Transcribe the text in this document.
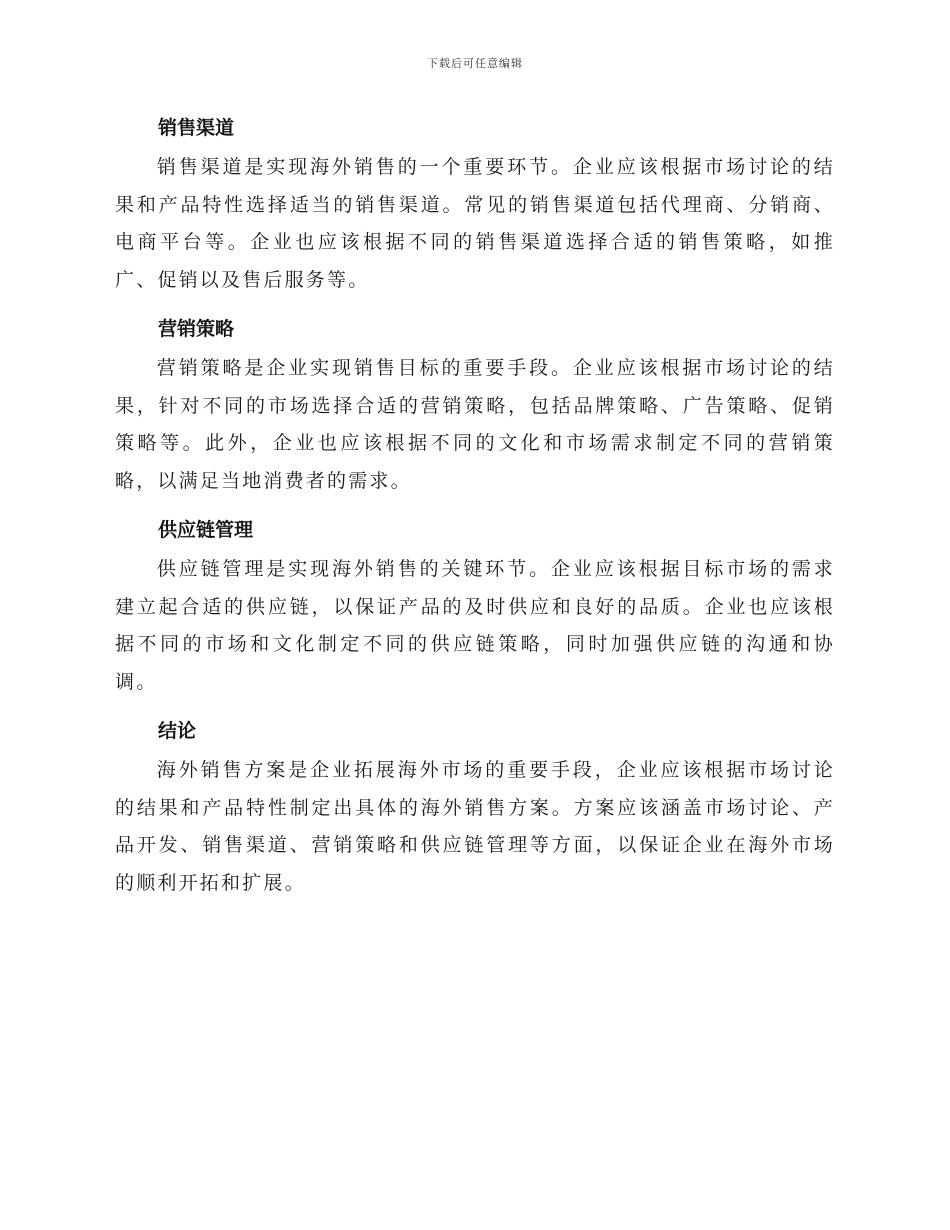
下载后可任意编辑
销售渠道

销售渠道是实现海外销售的一个重要环节。企业应该根据市场讨论的结果和产品特性选择适当的销售渠道。常见的销售渠道包括代理商、分销商、电商平台等。企业也应该根据不同的销售渠道选择合适的销售策略，如推广、促销以及售后服务等。

营销策略

营销策略是企业实现销售目标的重要手段。企业应该根据市场讨论的结果，针对不同的市场选择合适的营销策略，包括品牌策略、广告策略、促销策略等。此外，企业也应该根据不同的文化和市场需求制定不同的营销策略，以满足当地消费者的需求。

供应链管理

供应链管理是实现海外销售的关键环节。企业应该根据目标市场的需求建立起合适的供应链，以保证产品的及时供应和良好的品质。企业也应该根据不同的市场和文化制定不同的供应链策略，同时加强供应链的沟通和协调。

结论

海外销售方案是企业拓展海外市场的重要手段，企业应该根据市场讨论的结果和产品特性制定出具体的海外销售方案。方案应该涵盖市场讨论、产品开发、销售渠道、营销策略和供应链管理等方面，以保证企业在海外市场的顺利开拓和扩展。
